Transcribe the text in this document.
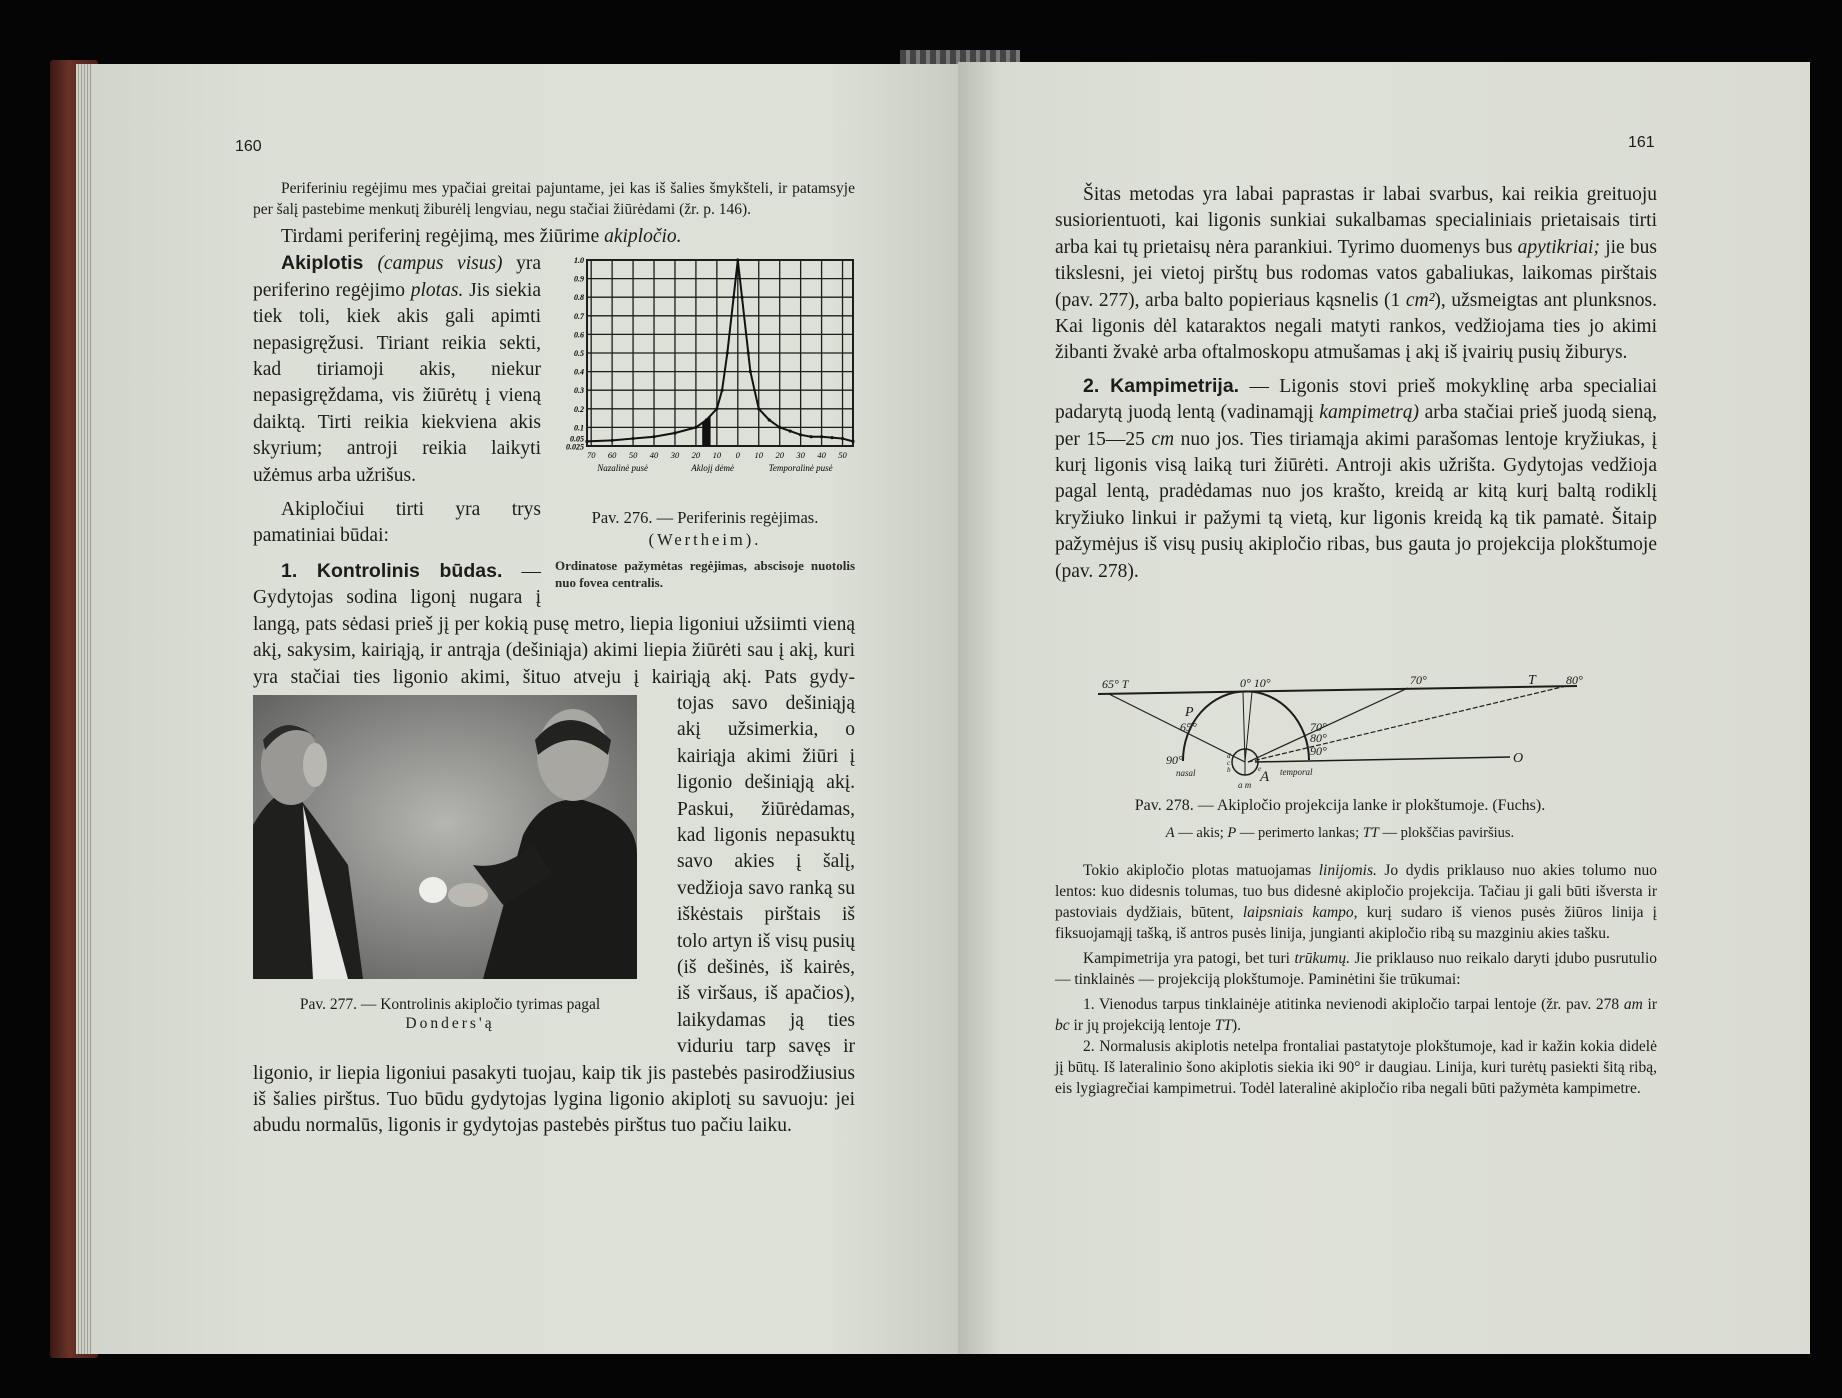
160

Periferiniu regėjimu mes ypačiai greitai pajuntame, jei kas iš šalies šmykšteli, ir patamsyje per šalį pastebime menkutį žiburėlį lengviau, negu stačiai žiūrėdami (žr. p. 146).

Tirdami periferinį regėjimą, mes žiūrime akipločio.

1.0
0.9
0.8
0.7
0.6
0.5
0.4
0.3
0.2
0.1
0.05
0.025
70 60 50 40 30 20 10 0 10 20 30 40 50
Nazalinė pusė	Aklojį dėmė	Temporalinė pusė
Pav. 276. — Periferinis regėjimas.
(Wertheim).
Ordinatose pažymėtas regėjimas, abscisoje nuotolis nuo fovea centralis.

Akiplotis (campus visus) yra periferino regėjimo plotas. Jis siekia tiek toli, kiek akis gali apimti nepasigręžusi. Tiriant reikia sekti, kad tiriamoji akis, niekur nepasigręždama, vis žiūrėtų į vieną daiktą. Tirti reikia kiekviena akis skyrium; antroji reikia laikyti užėmus arba užrišus.

Akipločiui tirti yra trys pamatiniai būdai:

1. Kontrolinis būdas. — Gydytojas sodina ligonį nugara į langą, pats sėdasi prieš jį per kokią pusę metro, liepia ligoniui užsiimti vieną akį, sakysim, kairiąją, ir antrąja (dešiniąja) akimi liepia žiūrėti sau į akį, kuri yra stačiai ties ligonio akimi, šituo atveju į kairiąją akį. Pats gydy-

Pav. 277. — Kontrolinis akipločio tyrimas pagal
Donders'ą

tojas savo dešiniąją akį užsimerkia, o kairiąja akimi žiūri į ligonio dešiniąją akį. Paskui, žiūrėdamas, kad ligonis nepasuktų savo akies į šalį, vedžioja savo ranką su iškėstais pirštais iš tolo artyn iš visų pusių (iš dešinės, iš kairės, iš viršaus, iš apačios), laikydamas ją ties viduriu tarp savęs ir ligonio, ir liepia ligoniui pasakyti tuojau, kaip tik jis pastebės pasirodžiusius iš šalies pirštus. Tuo būdu gydytojas lygina ligonio akiplotį su savuoju: jei abudu normalūs, ligonis ir gydytojas pastebės pirštus tuo pačiu laiku.

161

Šitas metodas yra labai paprastas ir labai svarbus, kai reikia greituoju susiorientuoti, kai ligonis sunkiai sukalbamas specialiniais prietaisais tirti arba kai tų prietaisų nėra parankiui. Tyrimo duomenys bus apytikriai; jie bus tikslesni, jei vietoj pirštų bus rodomas vatos gabaliukas, laikomas pirštais (pav. 277), arba balto popieriaus kąsnelis (1 cm²), užsmeigtas ant plunksnos. Kai ligonis dėl kataraktos negali matyti rankos, vedžiojama ties jo akimi žibanti žvakė arba oftalmoskopu atmušamas į akį iš įvairių pusių žiburys.

2. Kampimetrija. — Ligonis stovi prieš mokyklinę arba specialiai padarytą juodą lentą (vadinamąjį kampimetrą) arba stačiai prieš juodą sieną, per 15—25 cm nuo jos. Ties tiriamąja akimi parašomas lentoje kryžiukas, į kurį ligonis visą laiką turi žiūrėti. Antroji akis užrišta. Gydytojas vedžioja pagal lentą, pradėdamas nuo jos krašto, kreidą ar kitą kurį baltą rodiklį kryžiuko linkui ir pažymi tą vietą, kur ligonis kreidą ką tik pamatė. Šitaip pažymėjus iš visų pusių akipločio ribas, bus gauta jo projekcija plokštumoje (pav. 278).

65° T	0° 10°	70°	T	80°
P
65°	70°
80°
90°
90°
nasal	temporal
A
a m
O
d
c
b	e
Pav. 278. — Akipločio projekcija lanke ir plokštumoje. (Fuchs).
A — akis; P — perimerto lankas; TT — plokščias paviršius.

Tokio akipločio plotas matuojamas linijomis. Jo dydis priklauso nuo akies tolumo nuo lentos: kuo didesnis tolumas, tuo bus didesnė akipločio projekcija. Tačiau ji gali būti išversta ir pastoviais dydžiais, būtent, laipsniais kampo, kurį sudaro iš vienos pusės žiūros linija į fiksuojamąjį tašką, iš antros pusės linija, jungianti akipločio ribą su mazginiu akies tašku.

Kampimetrija yra patogi, bet turi trūkumų. Jie priklauso nuo reikalo daryti įdubo pusrutulio — tinklainės — projekciją plokštumoje. Paminėtini šie trūkumai:

1. Vienodus tarpus tinklainėje atitinka nevienodi akipločio tarpai lentoje (žr. pav. 278 am ir bc ir jų projekciją lentoje TT).

2. Normalusis akiplotis netelpa frontaliai pastatytoje plokštumoje, kad ir kažin kokia didelė jį būtų. Iš lateralinio šono akiplotis siekia iki 90° ir daugiau. Linija, kuri turėtų pasiekti šitą ribą, eis lygiagrečiai kampimetrui. Todėl lateralinė akipločio riba negali būti pažymėta kampimetre.
